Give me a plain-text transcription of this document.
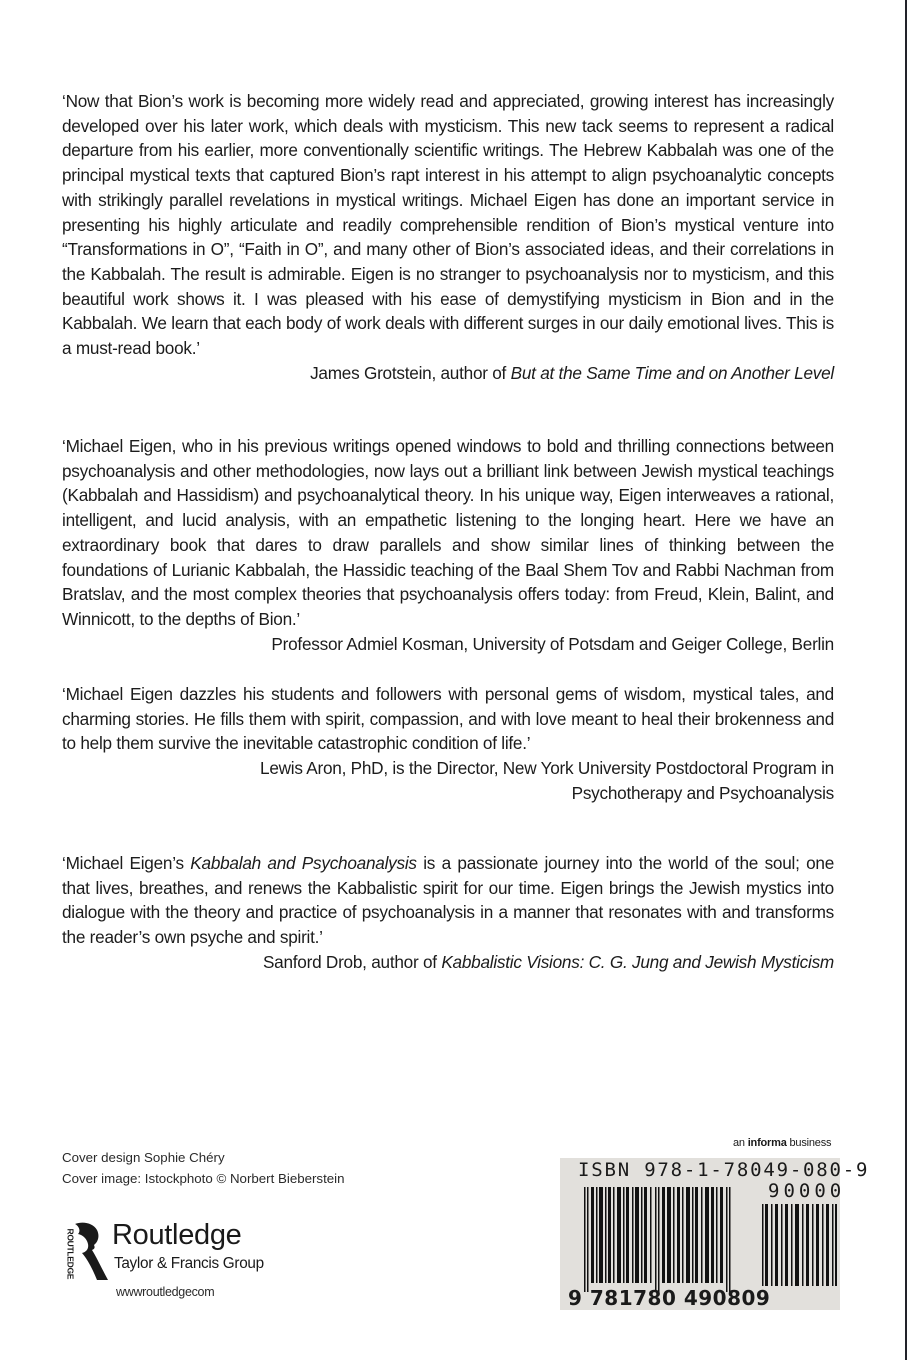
‘Now that Bion’s work is becoming more widely read and appreciated, growing interest has increasingly developed over his later work, which deals with mysticism. This new tack seems to represent a radical departure from his earlier, more conventionally scientific writings. The Hebrew Kabbalah was one of the principal mystical texts that captured Bion’s rapt interest in his attempt to align psychoanalytic concepts with strikingly parallel revelations in mystical writings. Michael Eigen has done an important service in presenting his highly articulate and readily comprehensible rendition of Bion’s mystical venture into “Transformations in O”, “Faith in O”, and many other of Bion’s associated ideas, and their correlations in the Kabbalah. The result is admirable. Eigen is no stranger to psychoanalysis nor to mysticism, and this beautiful work shows it. I was pleased with his ease of demystifying mysticism in Bion and in the Kabbalah. We learn that each body of work deals with different surges in our daily emotional lives. This is a must-read book.’

James Grotstein, author of But at the Same Time and on Another Level

‘Michael Eigen, who in his previous writings opened windows to bold and thrilling connections between psychoanalysis and other methodologies, now lays out a brilliant link between Jewish mystical teachings (Kabbalah and Hassidism) and psychoanalytical theory. In his unique way, Eigen interweaves a rational, intelligent, and lucid analysis, with an empathetic listening to the longing heart. Here we have an extraordinary book that dares to draw parallels and show similar lines of thinking between the foundations of Lurianic Kabbalah, the Hassidic teaching of the Baal Shem Tov and Rabbi Nachman from Bratslav, and the most complex theories that psychoanalysis offers today: from Freud, Klein, Balint, and Winnicott, to the depths of Bion.’

Professor Admiel Kosman, University of Potsdam and Geiger College, Berlin

‘Michael Eigen dazzles his students and followers with personal gems of wisdom, mystical tales, and charming stories. He fills them with spirit, compassion, and with love meant to heal their brokenness and to help them survive the inevitable catastrophic condition of life.’

Lewis Aron, PhD, is the Director, New York University Postdoctoral Program in

Psychotherapy and Psychoanalysis

‘Michael Eigen’s Kabbalah and Psychoanalysis is a passionate journey into the world of the soul; one that lives, breathes, and renews the Kabbalistic spirit for our time. Eigen brings the Jewish mystics into dialogue with the theory and practice of psychoanalysis in a manner that resonates with and transforms the reader’s own psyche and spirit.’

Sanford Drob, author of Kabbalistic Visions: C. G. Jung and Jewish Mysticism

Cover design Sophie Chéry
Cover image: Istockphoto © Norbert Bieberstein
ROUTLEDGE Routledge
Taylor & Francis Group
wwwroutledgecom
an informa business
ISBN 978-1-78049-080-9
90000
9 781780 490809
